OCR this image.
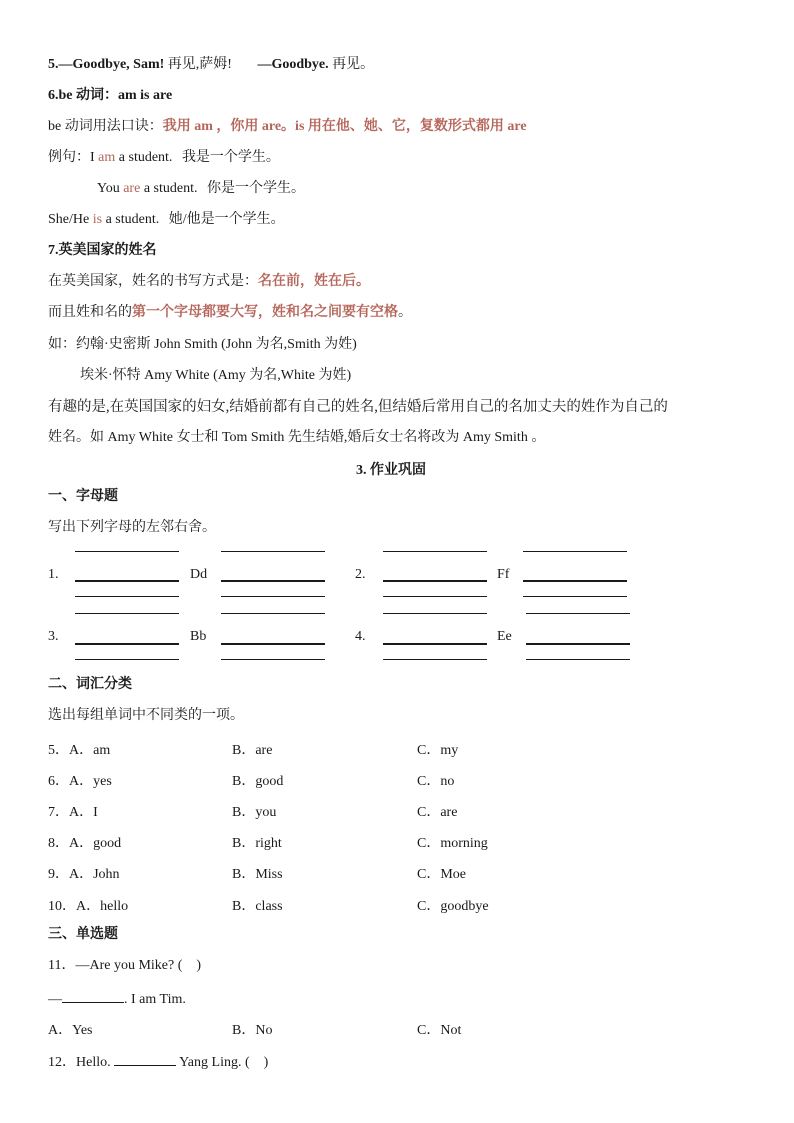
5.—Goodbye, Sam! 再见,萨姆! —Goodbye. 再见。
6.be 动词：am is are
be 动词用法口诀：我用 am ，你用 are。is 用在他、她、它，复数形式都用 are
例句：I am a student. 我是一个学生。
You are a student. 你是一个学生。
She/He is a student. 她/他是一个学生。
7.英美国家的姓名
在英美国家，姓名的书写方式是：名在前，姓在后。
而且姓和名的第一个字母都要大写，姓和名之间要有空格。
如：约翰·史密斯 John Smith (John 为名,Smith 为姓)
埃米·怀特 Amy White (Amy 为名,White 为姓)
有趣的是,在英国国家的妇女,结婚前都有自己的姓名,但结婚后常用自己的名加丈夫的姓作为自己的
姓名。如 Amy White 女士和 Tom Smith 先生结婚,婚后女士名将改为 Amy Smith 。
3. 作业巩固
一、字母题
写出下列字母的左邻右舍。
1.	Dd	2.	Ff
3.	Bb	4.	Ee
二、词汇分类
选出每组单词中不同类的一项。
5．A．am	B．are	C．my
6．A．yes	B．good	C．no
7．A．I	B．you	C．are
8．A．good	B．right	C．morning
9．A．John	B．Miss	C．Moe
10．A．hello	B．class	C．goodbye
三、单选题
11．—Are you Mike? (　)
—	. I am Tim.
A．Yes	B．No	C．Not
12．Hello.	Yang Ling. (　)
